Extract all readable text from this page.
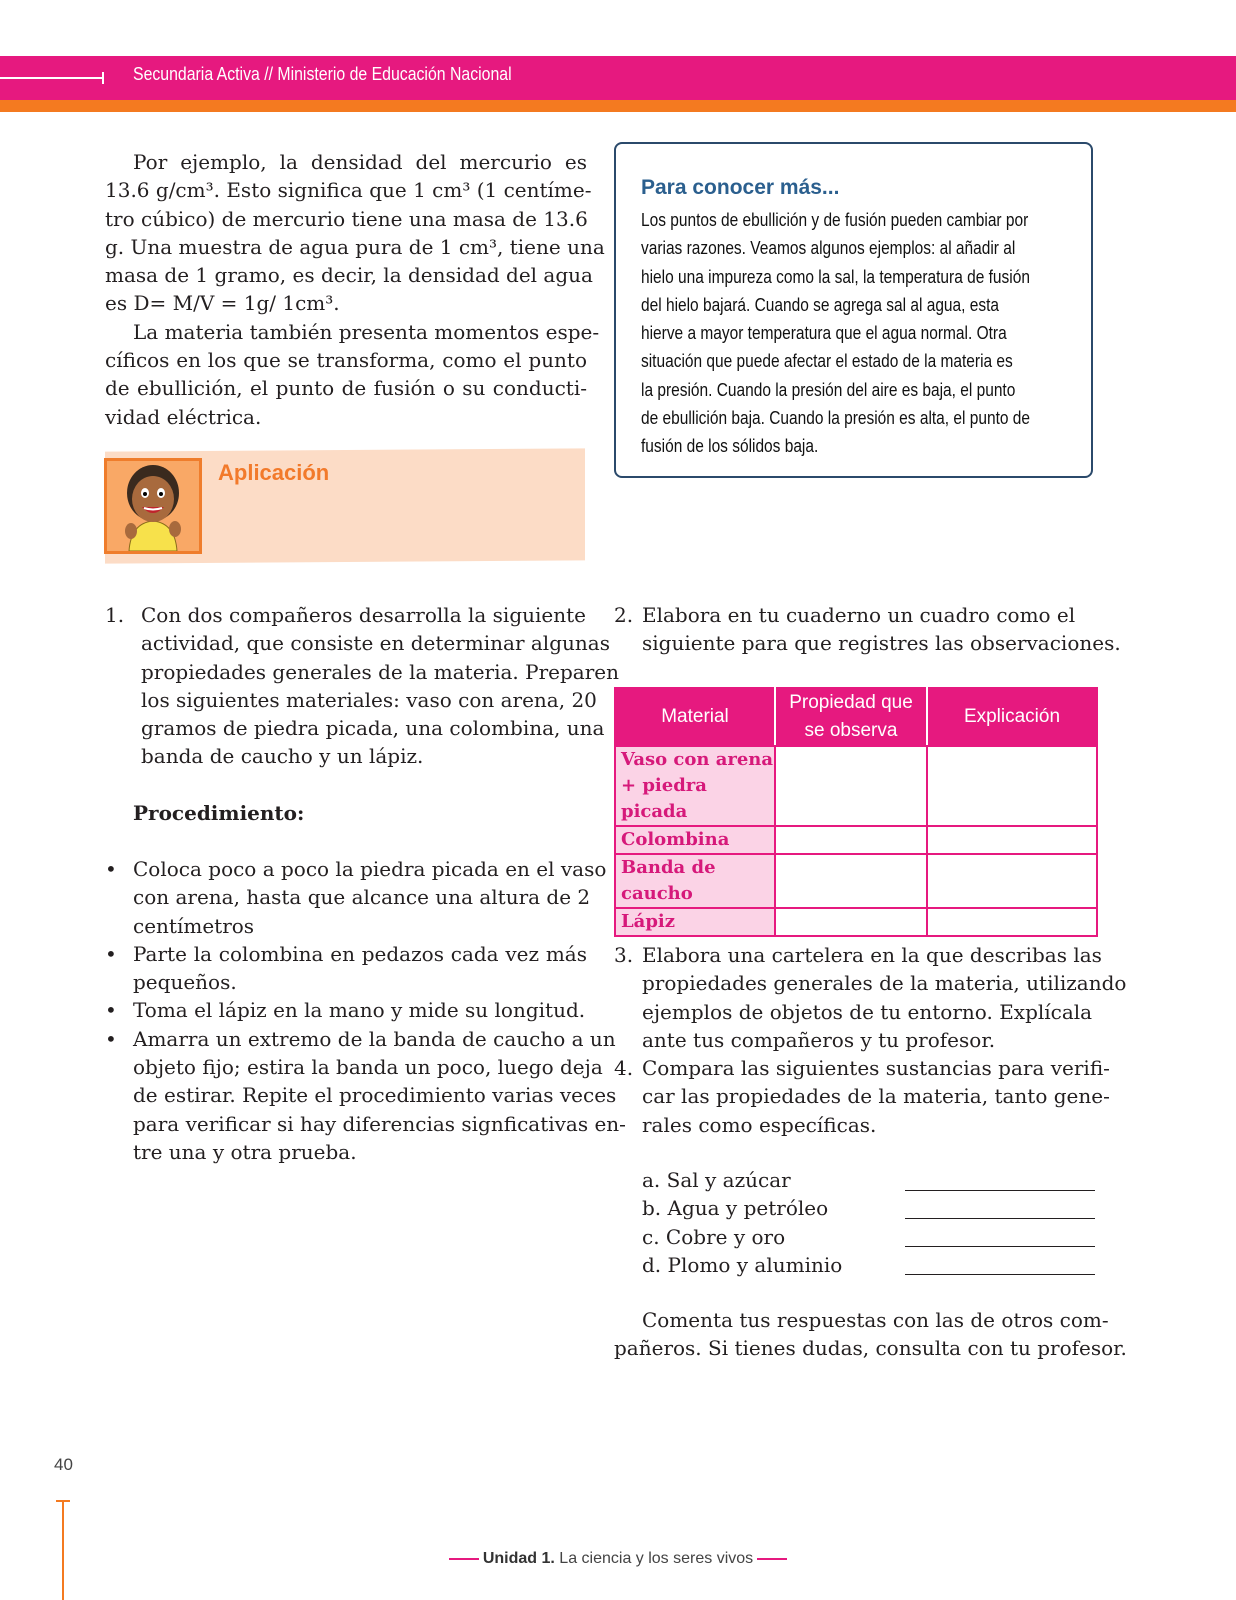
Secundaria Activa // Ministerio de Educación Nacional
Por ejemplo, la densidad del mercurio es
13.6 g/cm³. Esto significa que 1 cm³ (1 centíme-
tro cúbico) de mercurio tiene una masa de 13.6
g. Una muestra de agua pura de 1 cm³, tiene una
masa de 1 gramo, es decir, la densidad del agua
es D= M/V = 1g/ 1cm³.
La materia también presenta momentos espe-
cíficos en los que se transforma, como el punto
de ebullición, el punto de fusión o su conducti-
vidad eléctrica.
Para conocer más...
Los puntos de ebullición y de fusión pueden cambiar por
varias razones. Veamos algunos ejemplos: al añadir al
hielo una impureza como la sal, la temperatura de fusión
del hielo bajará. Cuando se agrega sal al agua, esta
hierve a mayor temperatura que el agua normal. Otra
situación que puede afectar el estado de la materia es
la presión. Cuando la presión del aire es baja, el punto
de ebullición baja. Cuando la presión es alta, el punto de
fusión de los sólidos baja.
Aplicación
1. Con dos compañeros desarrolla la siguiente
actividad, que consiste en determinar algunas
propiedades generales de la materia. Preparen
los siguientes materiales: vaso con arena, 20
gramos de piedra picada, una colombina, una
banda de caucho y un lápiz.
Procedimiento:
• Coloca poco a poco la piedra picada en el vaso
con arena, hasta que alcance una altura de 2
centímetros
• Parte la colombina en pedazos cada vez más
pequeños.
• Toma el lápiz en la mano y mide su longitud.
• Amarra un extremo de la banda de caucho a un
objeto fijo; estira la banda un poco, luego deja
de estirar. Repite el procedimiento varias veces
para verificar si hay diferencias signficativas en-
tre una y otra prueba.
2. Elabora en tu cuaderno un cuadro como el
siguiente para que registres las observaciones.
Material	Propiedad que
se observa	Explicación

Vaso con arena
+ piedra picada		

Colombina		

Banda de
caucho		

Lápiz		

3. Elabora una cartelera en la que describas las
propiedades generales de la materia, utilizando
ejemplos de objetos de tu entorno. Explícala
ante tus compañeros y tu profesor.
4. Compara las siguientes sustancias para verifi-
car las propiedades de la materia, tanto gene-
rales como específicas.
a. Sal y azúcar
b. Agua y petróleo
c. Cobre y oro
d. Plomo y aluminio
Comenta tus respuestas con las de otros com-
pañeros. Si tienes dudas, consulta con tu profesor.
40
Unidad 1. La ciencia y los seres vivos
